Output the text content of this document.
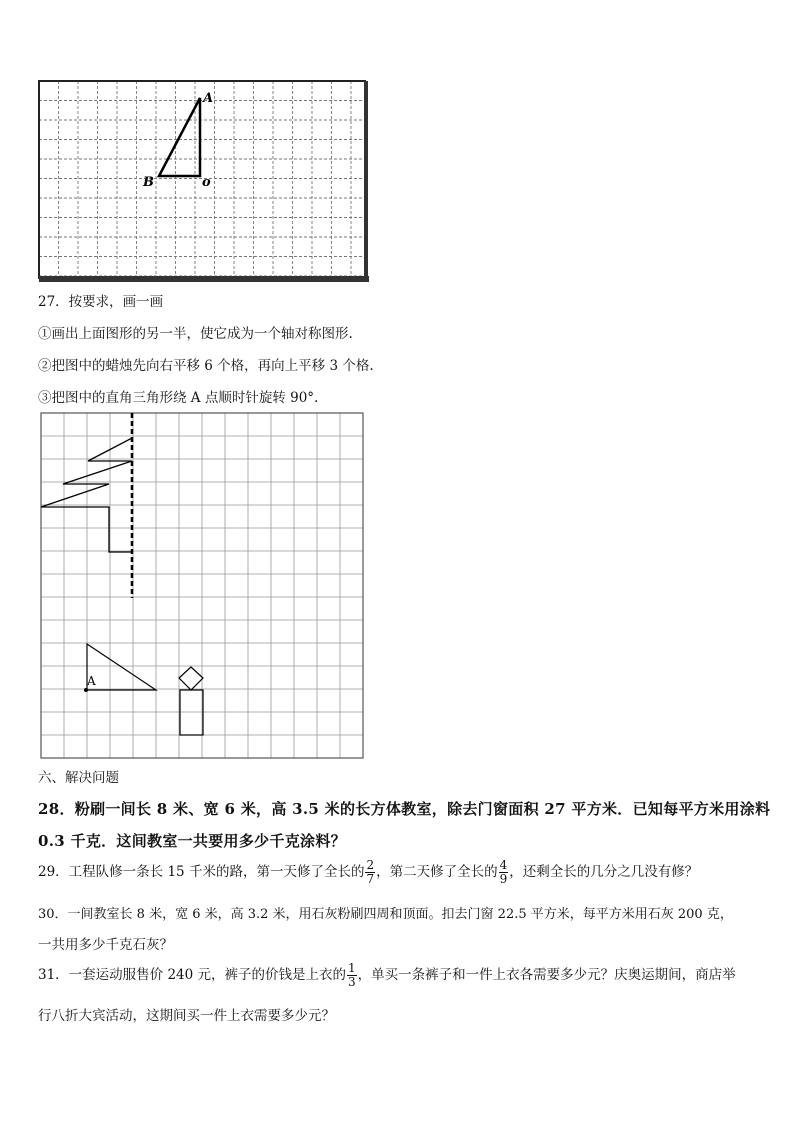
A
B	o
27．按要求，画一画
①画出上面图形的另一半，使它成为一个轴对称图形.
②把图中的蜡烛先向右平移 6 个格，再向上平移 3 个格.
③把图中的直角三角形绕 A 点顺时针旋转 90°.
A
六、解决问题
28．粉刷一间长 8 米、宽 6 米，高 3.5 米的长方体教室，除去门窗面积 27 平方米．已知每平方米用涂料
0.3 千克．这间教室一共要用多少千克涂料？
29．工程队修一条长 15 千米的路，第一天修了全长的 $\frac{2}{7}$ ，第二天修了全长的 $\frac{4}{9}$ ，还剩全长的几分之几没有修？
30．一间教室长 8 米，宽 6 米，高 3.2 米，用石灰粉刷四周和顶面。扣去门窗 22.5 平方米，每平方米用石灰 200 克，
一共用多少千克石灰？
31．一套运动服售价 240 元，裤子的价钱是上衣的 $\frac{1}{3}$ ，单买一条裤子和一件上衣各需要多少元？庆奥运期间，商店举
行八折大宾活动，这期间买一件上衣需要多少元？
